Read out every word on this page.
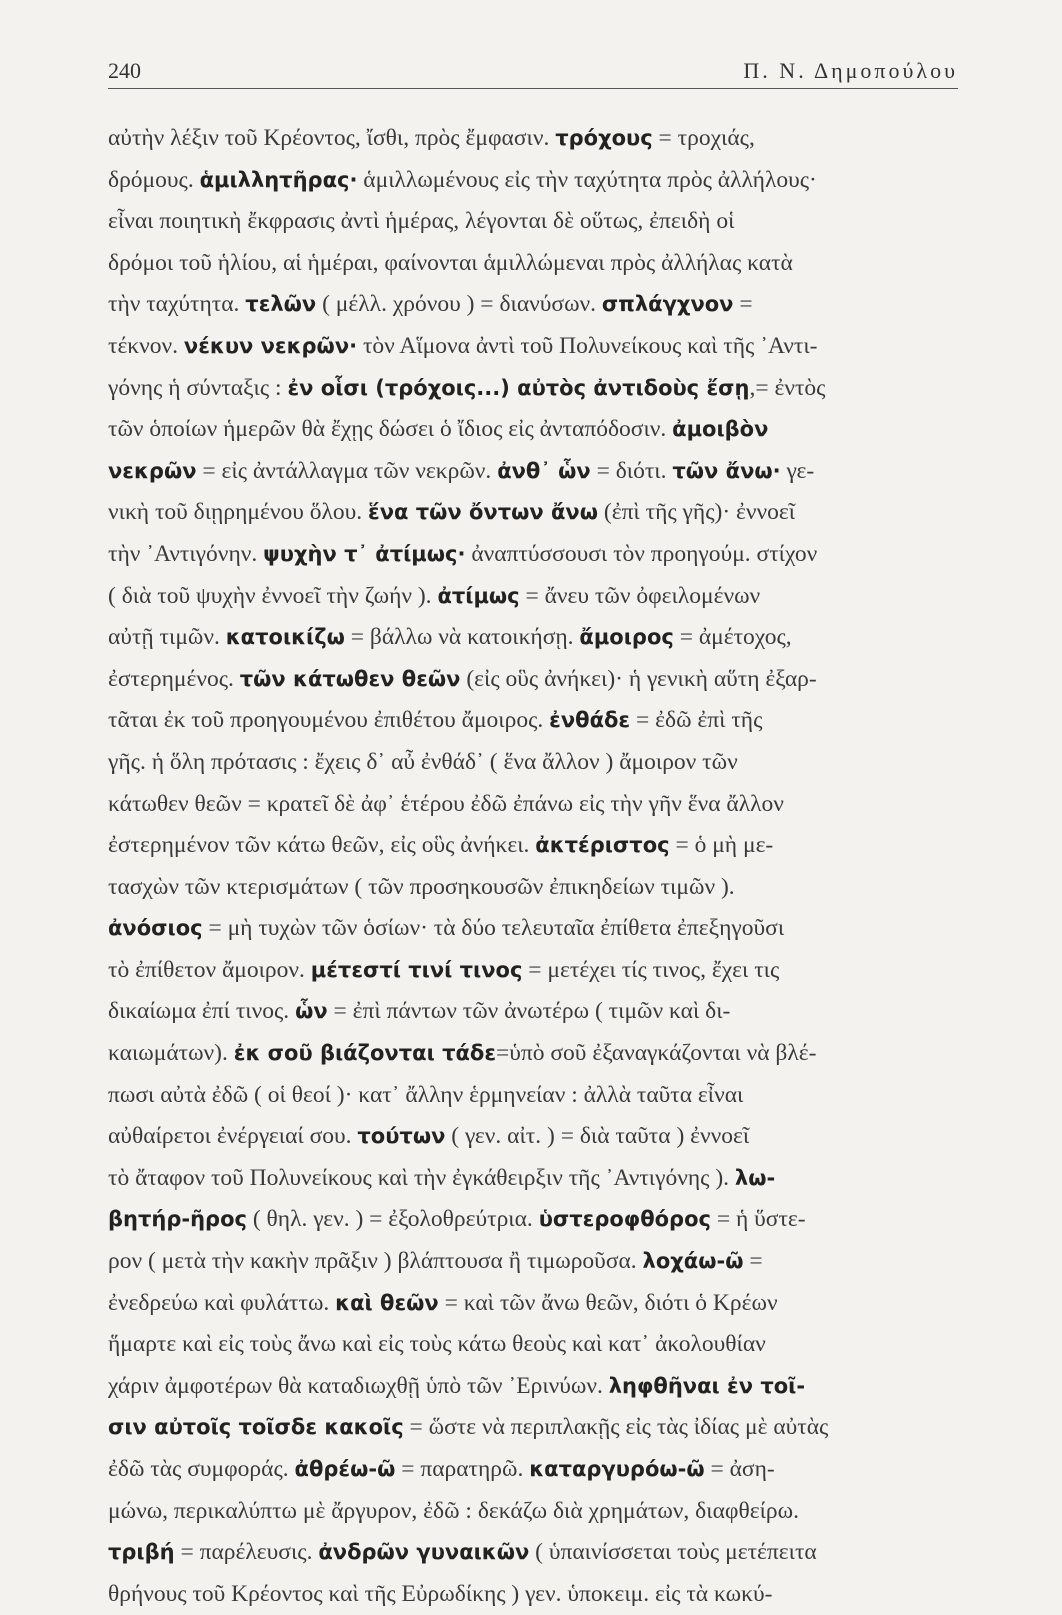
240	Π. Ν. Δημοπούλου
αὐτὴν λέξιν τοῦ Κρέοντος, ἴσθι, πρὸς ἔμφασιν. τρόχους = τροχιάς,
δρόμους. ἁμιλλητῆρας· ἁμιλλωμένους εἰς τὴν ταχύτητα πρὸς ἀλλήλους·
εἶναι ποιητικὴ ἔκφρασις ἀντὶ ἡμέρας, λέγονται δὲ οὕτως, ἐπειδὴ οἱ
δρόμοι τοῦ ἡλίου, αἱ ἡμέραι, φαίνονται ἁμιλλώμεναι πρὸς ἀλλήλας κατὰ
τὴν ταχύτητα. τελῶν ( μέλλ. χρόνου ) = διανύσων. σπλάγχνον =
τέκνον. νέκυν νεκρῶν· τὸν Αἵμονα ἀντὶ τοῦ Πολυνείκους καὶ τῆς ᾽Αντι-
γόνης ἡ σύνταξις : ἐν οἷσι (τρόχοις...) αὐτὸς ἀντιδοὺς ἔσῃ,= ἐντὸς
τῶν ὁποίων ἡμερῶν θὰ ἔχῃς δώσει ὁ ἴδιος εἰς ἀνταπόδοσιν. ἀμοιβὸν
νεκρῶν = εἰς ἀντάλλαγμα τῶν νεκρῶν. ἀνθ᾽ ὧν = διότι. τῶν ἄνω· γε-
νικὴ τοῦ διῃρημένου ὅλου. ἕνα τῶν ὄντων ἄνω (ἐπὶ τῆς γῆς)· ἐννοεῖ
τὴν ᾽Αντιγόνην. ψυχὴν τ᾽ ἀτίμως· ἀναπτύσσουσι τὸν προηγούμ. στίχον
( διὰ τοῦ ψυχὴν ἐννοεῖ τὴν ζωήν ). ἀτίμως = ἄνευ τῶν ὀφειλομένων
αὐτῇ τιμῶν. κατοικίζω = βάλλω νὰ κατοικήσῃ. ἄμοιρος = ἀμέτοχος,
ἐστερημένος. τῶν κάτωθεν θεῶν (εἰς οὓς ἀνήκει)· ἡ γενικὴ αὕτη ἐξαρ-
τᾶται ἐκ τοῦ προηγουμένου ἐπιθέτου ἄμοιρος. ἐνθάδε = ἐδῶ ἐπὶ τῆς
γῆς. ἡ ὅλη πρότασις : ἔχεις δ᾽ αὖ ἐνθάδ᾽ ( ἕνα ἄλλον ) ἄμοιρον τῶν
κάτωθεν θεῶν = κρατεῖ δὲ ἀφ᾽ ἑτέρου ἐδῶ ἐπάνω εἰς τὴν γῆν ἕνα ἄλλον
ἐστερημένον τῶν κάτω θεῶν, εἰς οὓς ἀνήκει. ἀκτέριστος = ὁ μὴ με-
τασχὼν τῶν κτερισμάτων ( τῶν προσηκουσῶν ἐπικηδείων τιμῶν ).
ἀνόσιος = μὴ τυχὼν τῶν ὁσίων· τὰ δύο τελευταῖα ἐπίθετα ἐπεξηγοῦσι
τὸ ἐπίθετον ἄμοιρον. μέτεστί τινί τινος = μετέχει τίς τινος, ἔχει τις
δικαίωμα ἐπί τινος. ὧν = ἐπὶ πάντων τῶν ἀνωτέρω ( τιμῶν καὶ δι-
καιωμάτων). ἐκ σοῦ βιάζονται τάδε=ὑπὸ σοῦ ἐξαναγκάζονται νὰ βλέ-
πωσι αὐτὰ ἐδῶ ( οἱ θεοί )· κατ᾽ ἄλλην ἑρμηνείαν : ἀλλὰ ταῦτα εἶναι
αὐθαίρετοι ἐνέργειαί σου. τούτων ( γεν. αἰτ. ) = διὰ ταῦτα ) ἐννοεῖ
τὸ ἄταφον τοῦ Πολυνείκους καὶ τὴν ἐγκάθειρξιν τῆς ᾽Αντιγόνης ). λω-
βητήρ-ῆρος ( θηλ. γεν. ) = ἐξολοθρεύτρια. ὑστεροφθόρος = ἡ ὕστε-
ρον ( μετὰ τὴν κακὴν πρᾶξιν ) βλάπτουσα ἢ τιμωροῦσα. λοχάω-ῶ =
ἐνεδρεύω καὶ φυλάττω. καὶ θεῶν = καὶ τῶν ἄνω θεῶν, διότι ὁ Κρέων
ἥμαρτε καὶ εἰς τοὺς ἄνω καὶ εἰς τοὺς κάτω θεοὺς καὶ κατ᾽ ἀκολουθίαν
χάριν ἀμφοτέρων θὰ καταδιωχθῇ ὑπὸ τῶν ᾽Ερινύων. ληφθῆναι ἐν τοῖ-
σιν αὐτοῖς τοῖσδε κακοῖς = ὥστε νὰ περιπλακῇς εἰς τὰς ἰδίας μὲ αὐτὰς
ἐδῶ τὰς συμφοράς. ἀθρέω-ῶ = παρατηρῶ. καταργυρόω-ῶ = ἀση-
μώνω, περικαλύπτω μὲ ἄργυρον, ἐδῶ : δεκάζω διὰ χρημάτων, διαφθείρω.
τριβή = παρέλευσις. ἀνδρῶν γυναικῶν ( ὑπαινίσσεται τοὺς μετέπειτα
θρήνους τοῦ Κρέοντος καὶ τῆς Εὐρωδίκης ) γεν. ὑποκειμ. εἰς τὰ κωκύ-
